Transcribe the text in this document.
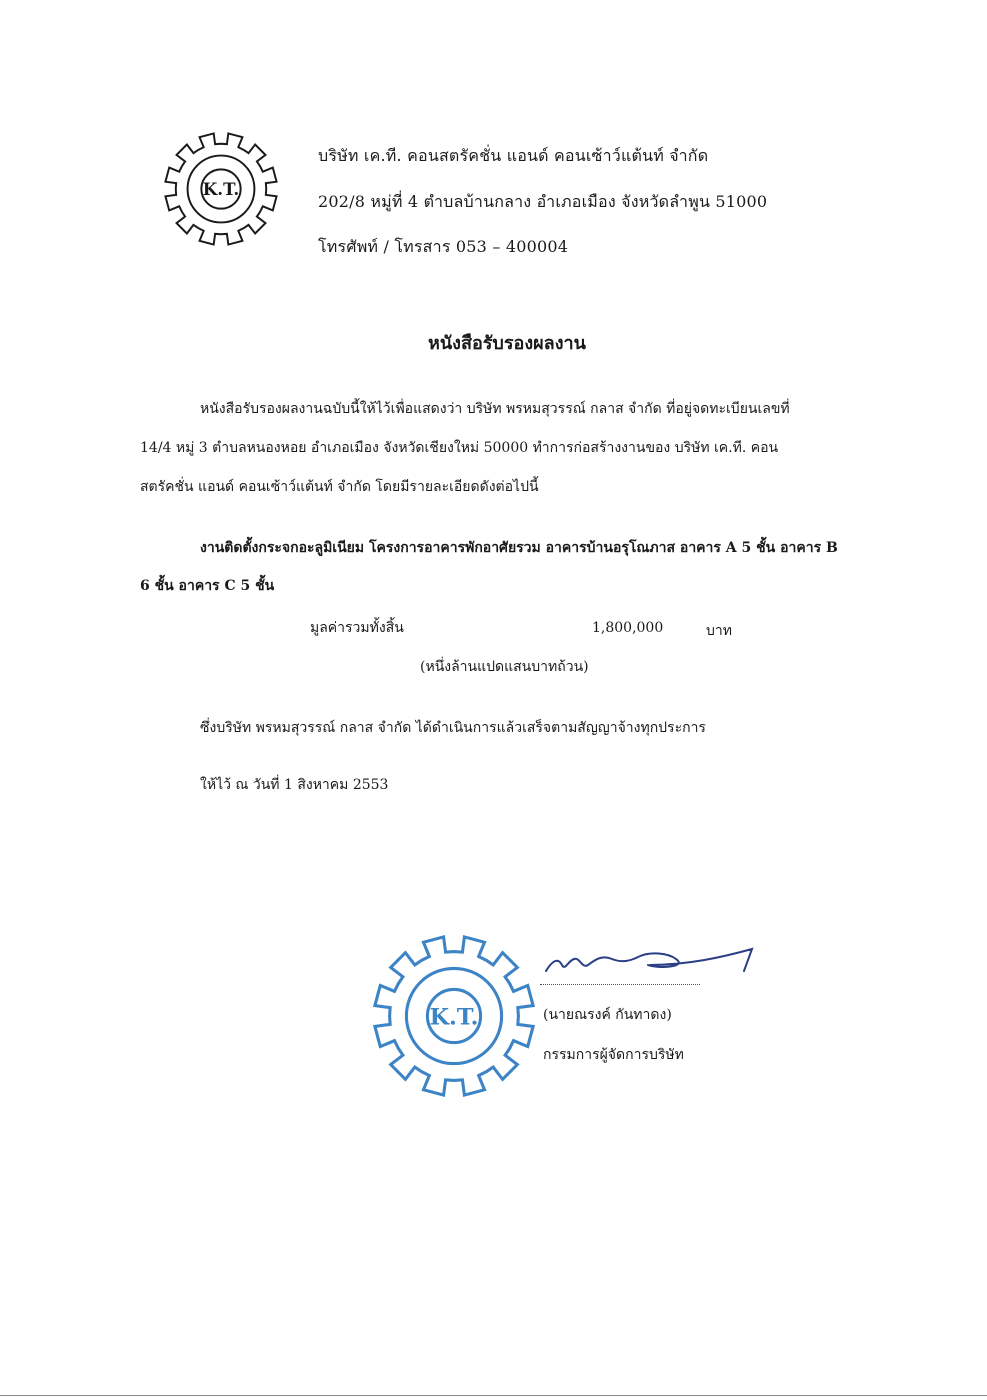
K.T.
บริษัท เค.ที. คอนสตรัคชั่น แอนด์ คอนเซ้าว์แต้นท์ จำกัด
202/8 หมู่ที่ 4 ตำบลบ้านกลาง อำเภอเมือง จังหวัดลำพูน 51000
โทรศัพท์ / โทรสาร 053 – 400004
หนังสือรับรองผลงาน
หนังสือรับรองผลงานฉบับนี้ให้ไว้เพื่อแสดงว่า บริษัท พรหมสุวรรณ์ กลาส จำกัด ที่อยู่จดทะเบียนเลขที่
14/4 หมู่ 3 ตำบลหนองหอย อำเภอเมือง จังหวัดเชียงใหม่ 50000 ทำการก่อสร้างงานของ บริษัท เค.ที. คอน
สตรัคชั่น แอนด์ คอนเซ้าว์แต้นท์ จำกัด โดยมีรายละเอียดดังต่อไปนี้
งานติดตั้งกระจกอะลูมิเนียม โครงการอาคารพักอาศัยรวม อาคารบ้านอรุโณภาส อาคาร A 5 ชั้น อาคาร B
6 ชั้น อาคาร C 5 ชั้น
มูลค่ารวมทั้งสิ้น	1,800,000	บาท
(หนึ่งล้านแปดแสนบาทถ้วน)
ซึ่งบริษัท พรหมสุวรรณ์ กลาส จำกัด ได้ดำเนินการแล้วเสร็จตามสัญญาจ้างทุกประการ
ให้ไว้ ณ วันที่ 1 สิงหาคม 2553
K.T.	(นายณรงค์ กันทาดง)
กรรมการผู้จัดการบริษัท
